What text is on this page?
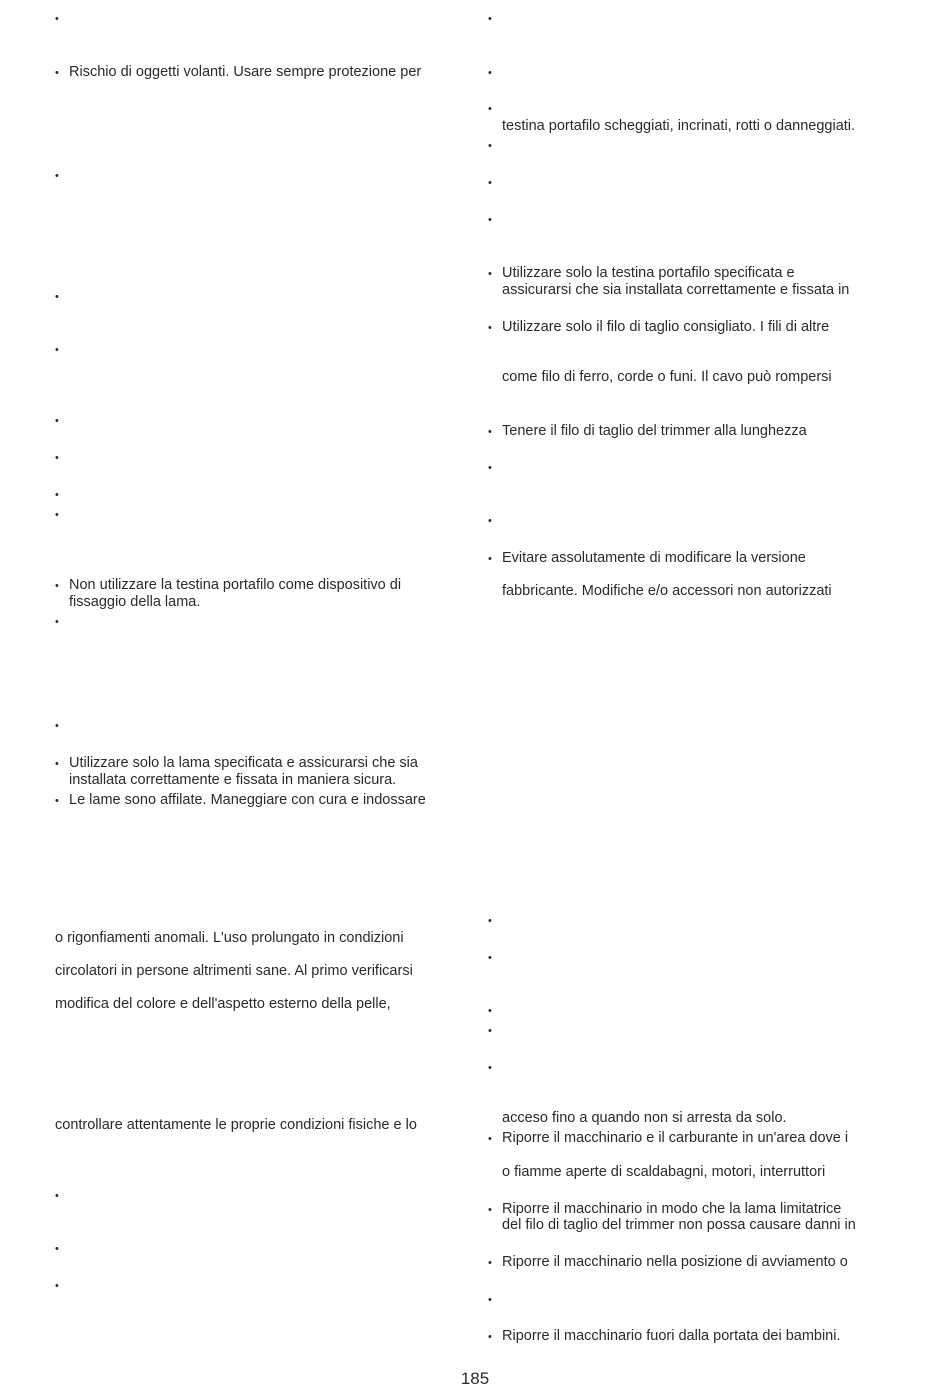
•
•
Rischio di oggetti volanti. Usare sempre protezione per
•
•
•
•
•
•
•
•
Non utilizzare la testina portafilo come dispositivo di
fissaggio della lama.
•
•
•
Utilizzare solo la lama specificata e assicurarsi che sia
installata correttamente e fissata in maniera sicura.
•
Le lame sono affilate. Maneggiare con cura e indossare
o rigonfiamenti anomali. L'uso prolungato in condizioni
circolatori in persone altrimenti sane. Al primo verificarsi
modifica del colore e dell'aspetto esterno della pelle,
controllare attentamente le proprie condizioni fisiche e lo
•
•
•
•
•
•
testina portafilo scheggiati, incrinati, rotti o danneggiati.
•
•
•
•
Utilizzare solo la testina portafilo specificata e
assicurarsi che sia installata correttamente e fissata in
•
Utilizzare solo il filo di taglio consigliato. I fili di altre
come filo di ferro, corde o funi. Il cavo può rompersi
•
Tenere il filo di taglio del trimmer alla lunghezza
•
•
•
Evitare assolutamente di modificare la versione
fabbricante. Modifiche e/o accessori non autorizzati
•
•
•
•
•
acceso fino a quando non si arresta da solo.
•
Riporre il macchinario e il carburante in un'area dove i
o fiamme aperte di scaldabagni, motori, interruttori
•
Riporre il macchinario in modo che la lama limitatrice
del filo di taglio del trimmer non possa causare danni in
•
Riporre il macchinario nella posizione di avviamento o
•
•
Riporre il macchinario fuori dalla portata dei bambini.
185
